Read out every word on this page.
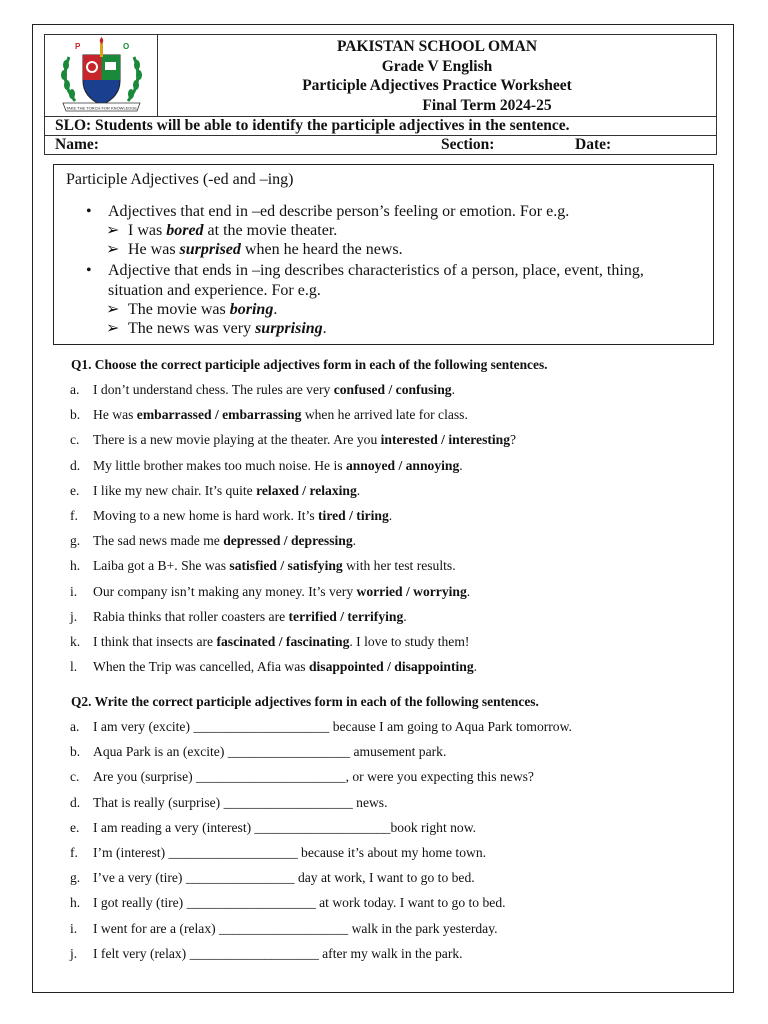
P	O
TAKE THE TORCH FOR KNOWLEDGE
PAKISTAN SCHOOL OMAN
Grade V English
Participle Adjectives Practice Worksheet
Final Term 2024-25
SLO: Students will be able to identify the participle adjectives in the sentence.
Name:	Section:	Date:
Participle Adjectives (-ed and –ing)
• Adjectives that end in –ed describe person’s feeling or emotion. For e.g.
➢ I was bored at the movie theater.
➢ He was surprised when he heard the news.
• Adjective that ends in –ing describes characteristics of a person, place, event, thing, situation and experience. For e.g.
➢ The movie was boring.
➢ The news was very surprising.
Q1. Choose the correct participle adjectives form in each of the following sentences.
a. I don’t understand chess. The rules are very confused / confusing.
b. He was embarrassed / embarrassing when he arrived late for class.
c. There is a new movie playing at the theater. Are you interested / interesting?
d. My little brother makes too much noise. He is annoyed / annoying.
e. I like my new chair. It’s quite relaxed / relaxing.
f. Moving to a new home is hard work. It’s tired / tiring.
g. The sad news made me depressed / depressing.
h. Laiba got a B+. She was satisfied / satisfying with her test results.
i. Our company isn’t making any money. It’s very worried / worrying.
j. Rabia thinks that roller coasters are terrified / terrifying.
k. I think that insects are fascinated / fascinating. I love to study them!
l. When the Trip was cancelled, Afia was disappointed / disappointing.
Q2. Write the correct participle adjectives form in each of the following sentences.
a. I am very (excite) ____________________ because I am going to Aqua Park tomorrow.
b. Aqua Park is an (excite) __________________ amusement park.
c. Are you (surprise) ______________________, or were you expecting this news?
d. That is really (surprise) ___________________ news.
e. I am reading a very (interest) ____________________book right now.
f. I’m (interest) ___________________ because it’s about my home town.
g. I’ve a very (tire) ________________ day at work, I want to go to bed.
h. I got really (tire) ___________________ at work today. I want to go to bed.
i. I went for are a (relax) ___________________ walk in the park yesterday.
j. I felt very (relax) ___________________ after my walk in the park.
